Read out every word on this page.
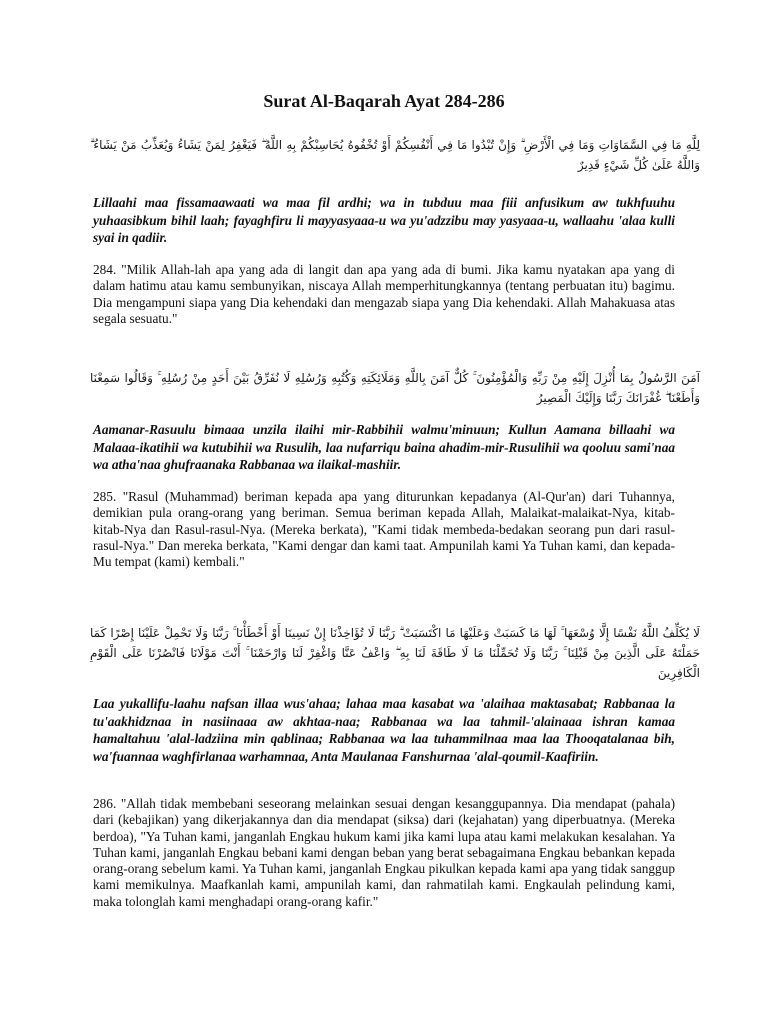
Surat Al-Baqarah Ayat 284-286
لِلَّهِ مَا فِي السَّمَاوَاتِ وَمَا فِي الْأَرْضِ ۗ وَإِنْ تُبْدُوا مَا فِي أَنْفُسِكُمْ أَوْ تُخْفُوهُ يُحَاسِبْكُمْ بِهِ اللَّهُ ۖ فَيَغْفِرُ لِمَنْ يَشَاءُ وَيُعَذِّبُ مَنْ يَشَاءُ ۗ وَاللَّهُ عَلَىٰ كُلِّ شَيْءٍ قَدِيرٌ
Lillaahi maa fissamaawaati wa maa fil ardhi; wa in tubduu maa fiii anfusikum aw tukhfuuhu yuhaasibkum bihil laah; fayaghfiru li mayyasyaaa-u wa yu'adzzibu may yasyaaa-u, wallaahu 'alaa kulli syai in qadiir.
284. "Milik Allah-lah apa yang ada di langit dan apa yang ada di bumi. Jika kamu nyatakan apa yang di dalam hatimu atau kamu sembunyikan, niscaya Allah memperhitungkannya (tentang perbuatan itu) bagimu. Dia mengampuni siapa yang Dia kehendaki dan mengazab siapa yang Dia kehendaki. Allah Mahakuasa atas segala sesuatu."
آمَنَ الرَّسُولُ بِمَا أُنْزِلَ إِلَيْهِ مِنْ رَبِّهِ وَالْمُؤْمِنُونَ ۚ كُلٌّ آمَنَ بِاللَّهِ وَمَلَائِكَتِهِ وَكُتُبِهِ وَرُسُلِهِ لَا نُفَرِّقُ بَيْنَ أَحَدٍ مِنْ رُسُلِهِ ۚ وَقَالُوا سَمِعْنَا وَأَطَعْنَا ۖ غُفْرَانَكَ رَبَّنَا وَإِلَيْكَ الْمَصِيرُ
Aamanar-Rasuulu bimaaa unzila ilaihi mir-Rabbihii walmu'minuun; Kullun Aamana billaahi wa Malaaa-ikatihii wa kutubihii wa Rusulih, laa nufarriqu baina ahadim-mir-Rusulihii wa qooluu sami'naa wa atha'naa ghufraanaka Rabbanaa wa ilaikal-mashiir.
285. "Rasul (Muhammad) beriman kepada apa yang diturunkan kepadanya (Al-Qur'an) dari Tuhannya, demikian pula orang-orang yang beriman. Semua beriman kepada Allah, Malaikat-malaikat-Nya, kitab-kitab-Nya dan Rasul-rasul-Nya. (Mereka berkata), "Kami tidak membeda-bedakan seorang pun dari rasul-rasul-Nya." Dan mereka berkata, "Kami dengar dan kami taat. Ampunilah kami Ya Tuhan kami, dan kepada-Mu tempat (kami) kembali."
لَا يُكَلِّفُ اللَّهُ نَفْسًا إِلَّا وُسْعَهَا ۚ لَهَا مَا كَسَبَتْ وَعَلَيْهَا مَا اكْتَسَبَتْ ۗ رَبَّنَا لَا تُؤَاخِذْنَا إِنْ نَسِينَا أَوْ أَخْطَأْنَا ۚ رَبَّنَا وَلَا تَحْمِلْ عَلَيْنَا إِصْرًا كَمَا حَمَلْتَهُ عَلَى الَّذِينَ مِنْ قَبْلِنَا ۚ رَبَّنَا وَلَا تُحَمِّلْنَا مَا لَا طَاقَةَ لَنَا بِهِ ۖ وَاعْفُ عَنَّا وَاغْفِرْ لَنَا وَارْحَمْنَا ۚ أَنْتَ مَوْلَانَا فَانْصُرْنَا عَلَى الْقَوْمِ الْكَافِرِينَ
Laa yukallifu-laahu nafsan illaa wus'ahaa; lahaa maa kasabat wa 'alaihaa maktasabat; Rabbanaa la tu'aakhidznaa in nasiinaaa aw akhtaa-naa; Rabbanaa wa laa tahmil-'alainaaa ishran kamaa hamaltahuu 'alal-ladziina min qablinaa; Rabbanaa wa laa tuhammilnaa maa laa Thooqatalanaa bih, wa'fuannaa waghfirlanaa warhamnaa, Anta Maulanaa Fanshurnaa 'alal-qoumil-Kaafiriin.
286. "Allah tidak membebani seseorang melainkan sesuai dengan kesanggupannya. Dia mendapat (pahala) dari (kebajikan) yang dikerjakannya dan dia mendapat (siksa) dari (kejahatan) yang diperbuatnya. (Mereka berdoa), "Ya Tuhan kami, janganlah Engkau hukum kami jika kami lupa atau kami melakukan kesalahan. Ya Tuhan kami, janganlah Engkau bebani kami dengan beban yang berat sebagaimana Engkau bebankan kepada orang-orang sebelum kami. Ya Tuhan kami, janganlah Engkau pikulkan kepada kami apa yang tidak sanggup kami memikulnya. Maafkanlah kami, ampunilah kami, dan rahmatilah kami. Engkaulah pelindung kami, maka tolonglah kami menghadapi orang-orang kafir."
